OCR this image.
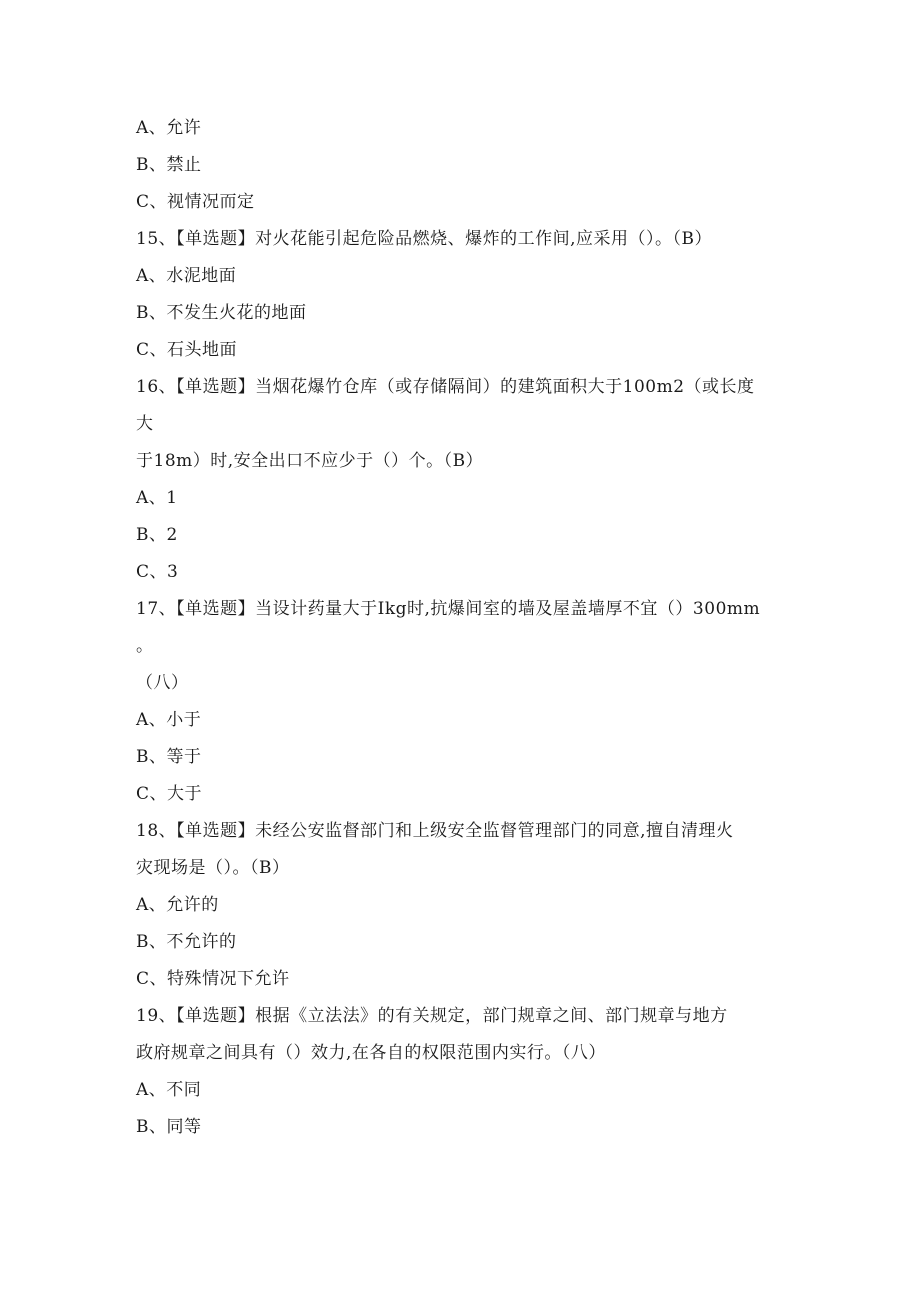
A、允许
B、禁止
C、视情况而定
15、【单选题】对火花能引起危险品燃烧、爆炸的工作间,应采用（）。（B）
A、水泥地面
B、不发生火花的地面
C、石头地面
16、【单选题】当烟花爆竹仓库（或存储隔间）的建筑面积大于100m2（或长度
大
于18m）时,安全出口不应少于（）个。（B）
A、1
B、2
C、3
17、【单选题】当设计药量大于Ikg时,抗爆间室的墙及屋盖墙厚不宜（）300mm
。
（八）
A、小于
B、等于
C、大于
18、【单选题】未经公安监督部门和上级安全监督管理部门的同意,擅自清理火
灾现场是（）。（B）
A、允许的
B、不允许的
C、特殊情况下允许
19、【单选题】根据《立法法》的有关规定，部门规章之间、部门规章与地方
政府规章之间具有（）效力,在各自的权限范围内实行。（八）
A、不同
B、同等
